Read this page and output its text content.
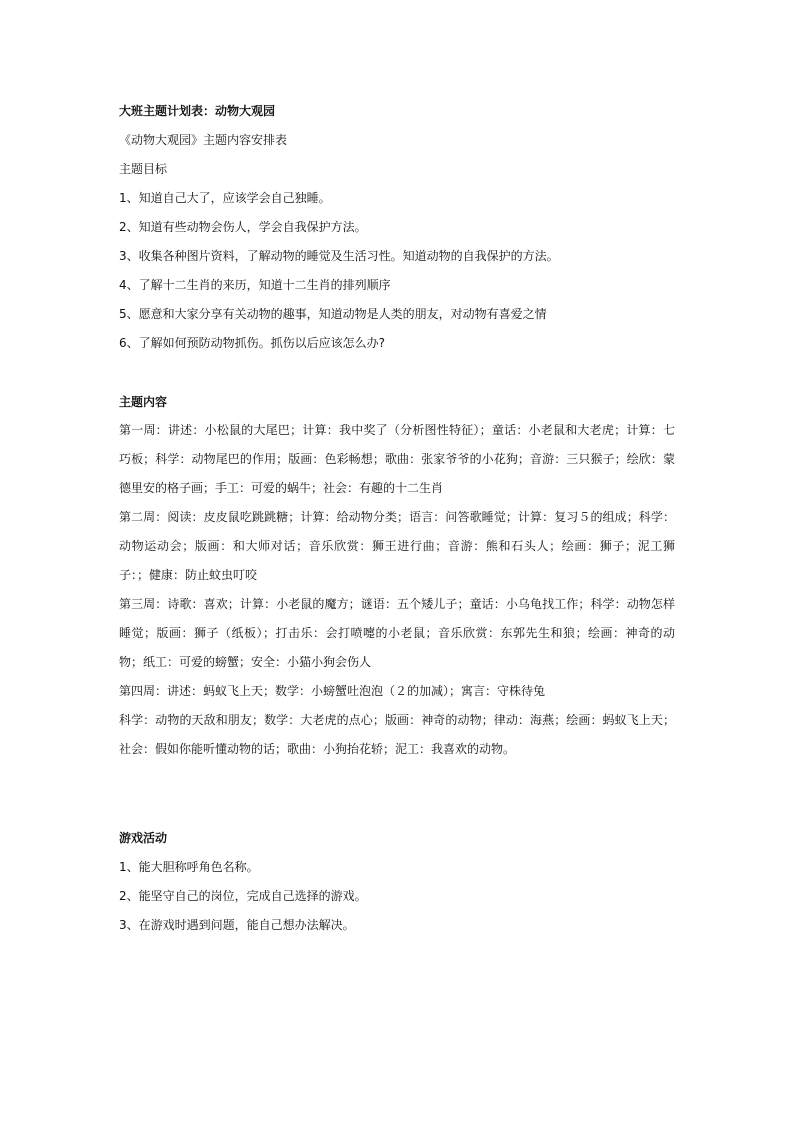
大班主题计划表：动物大观园
《动物大观园》主题内容安排表
主题目标
1、知道自己大了，应该学会自己独睡。
2、知道有些动物会伤人，学会自我保护方法。
3、收集各种图片资料，了解动物的睡觉及生活习性。知道动物的自我保护的方法。
4、了解十二生肖的来历，知道十二生肖的排列顺序
5、愿意和大家分享有关动物的趣事，知道动物是人类的朋友，对动物有喜爱之情
6、了解如何预防动物抓伤。抓伤以后应该怎么办?
主题内容
第一周：讲述：小松鼠的大尾巴；计算：我中奖了（分析图性特征）；童话：小老鼠和大老虎；计算：七巧板；科学：动物尾巴的作用；版画：色彩畅想；歌曲：张家爷爷的小花狗；音游：三只猴子；绘欣：蒙德里安的格子画；手工：可爱的蜗牛；社会：有趣的十二生肖
第二周：阅读：皮皮鼠吃跳跳糖；计算：给动物分类；语言：问答歌睡觉；计算：复习５的组成；科学：动物运动会；版画：和大师对话；音乐欣赏：狮王进行曲；音游：熊和石头人；绘画：狮子；泥工狮子：；健康：防止蚊虫叮咬
第三周：诗歌：喜欢；计算：小老鼠的魔方；谜语：五个矮儿子；童话：小乌龟找工作；科学：动物怎样睡觉；版画：狮子（纸板）；打击乐：会打喷嚏的小老鼠；音乐欣赏：东郭先生和狼；绘画：神奇的动物；纸工：可爱的螃蟹；安全：小猫小狗会伤人
第四周：讲述：蚂蚁飞上天；数学：小螃蟹吐泡泡（２的加减）；寓言：守株待兔
科学：动物的天敌和朋友；数学：大老虎的点心；版画：神奇的动物；律动：海燕；绘画：蚂蚁飞上天；社会：假如你能听懂动物的话；歌曲：小狗抬花轿；泥工：我喜欢的动物。
游戏活动
1、能大胆称呼角色名称。
2、能坚守自己的岗位，完成自己选择的游戏。
3、在游戏时遇到问题，能自己想办法解决。
